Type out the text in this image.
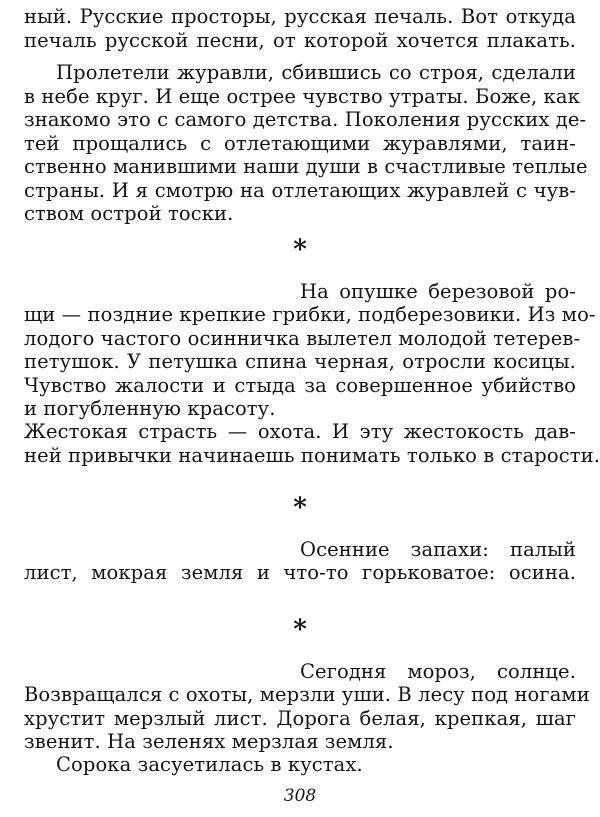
ный. Русские просторы, русская печаль. Вот откуда
печаль русской песни, от которой хочется плакать.
Пролетели журавли, сбившись со строя, сделали
в небе круг. И еще острее чувство утраты. Боже, как
знакомо это с самого детства. Поколения русских де-
тей прощались с отлетающими журавлями, таин-
ственно манившими наши души в счастливые теплые
страны. И я смотрю на отлетающих журавлей с чув-
ством острой тоски.
*
На опушке березовой ро-
щи — поздние крепкие грибки, подберезовики. Из мо-
лодого частого осинничка вылетел молодой тетерев-
петушок. У петушка спина черная, отросли косицы.
Чувство жалости и стыда за совершенное убийство
и погубленную красоту.
Жестокая страсть — охота. И эту жестокость дав-
ней привычки начинаешь понимать только в старости.
*
Осенние запахи: палый
лист, мокрая земля и что-то горьковатое: осина.
*
Сегодня мороз, солнце.
Возвращался с охоты, мерзли уши. В лесу под ногами
хрустит мерзлый лист. Дорога белая, крепкая, шаг
звенит. На зеленях мерзлая земля.
Сорока засуетилась в кустах.
308
